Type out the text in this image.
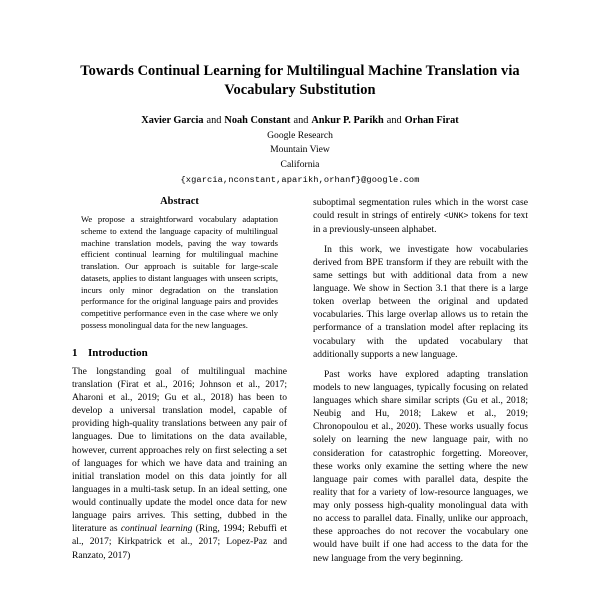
Towards Continual Learning for Multilingual Machine Translation via Vocabulary Substitution
Xavier Garcia and Noah Constant and Ankur P. Parikh and Orhan Firat
Google Research
Mountain View
California
{xgarcia,nconstant,aparikh,orhanf}@google.com
Abstract

We propose a straightforward vocabulary adaptation scheme to extend the language capacity of multilingual machine translation models, paving the way towards efficient continual learning for multilingual machine translation. Our approach is suitable for large-scale datasets, applies to distant languages with unseen scripts, incurs only minor degradation on the translation performance for the original language pairs and provides competitive performance even in the case where we only possess monolingual data for the new languages.

1 Introduction

The longstanding goal of multilingual machine translation (Firat et al., 2016; Johnson et al., 2017; Aharoni et al., 2019; Gu et al., 2018) has been to develop a universal translation model, capable of providing high-quality translations between any pair of languages. Due to limitations on the data available, however, current approaches rely on first selecting a set of languages for which we have data and training an initial translation model on this data jointly for all languages in a multi-task setup. In an ideal setting, one would continually update the model once data for new language pairs arrives. This setting, dubbed in the literature as continual learning (Ring, 1994; Rebuffi et al., 2017; Kirkpatrick et al., 2017; Lopez-Paz and Ranzato, 2017)

suboptimal segmentation rules which in the worst case could result in strings of entirely <UNK> tokens for text in a previously-unseen alphabet.

In this work, we investigate how vocabularies derived from BPE transform if they are rebuilt with the same settings but with additional data from a new language. We show in Section 3.1 that there is a large token overlap between the original and updated vocabularies. This large overlap allows us to retain the performance of a translation model after replacing its vocabulary with the updated vocabulary that additionally supports a new language.

Past works have explored adapting translation models to new languages, typically focusing on related languages which share similar scripts (Gu et al., 2018; Neubig and Hu, 2018; Lakew et al., 2019; Chronopoulou et al., 2020). These works usually focus solely on learning the new language pair, with no consideration for catastrophic forgetting. Moreover, these works only examine the setting where the new language pair comes with parallel data, despite the reality that for a variety of low-resource languages, we may only possess high-quality monolingual data with no access to parallel data. Finally, unlike our approach, these approaches do not recover the vocabulary one would have built if one had access to the data for the new language from the very beginning.
